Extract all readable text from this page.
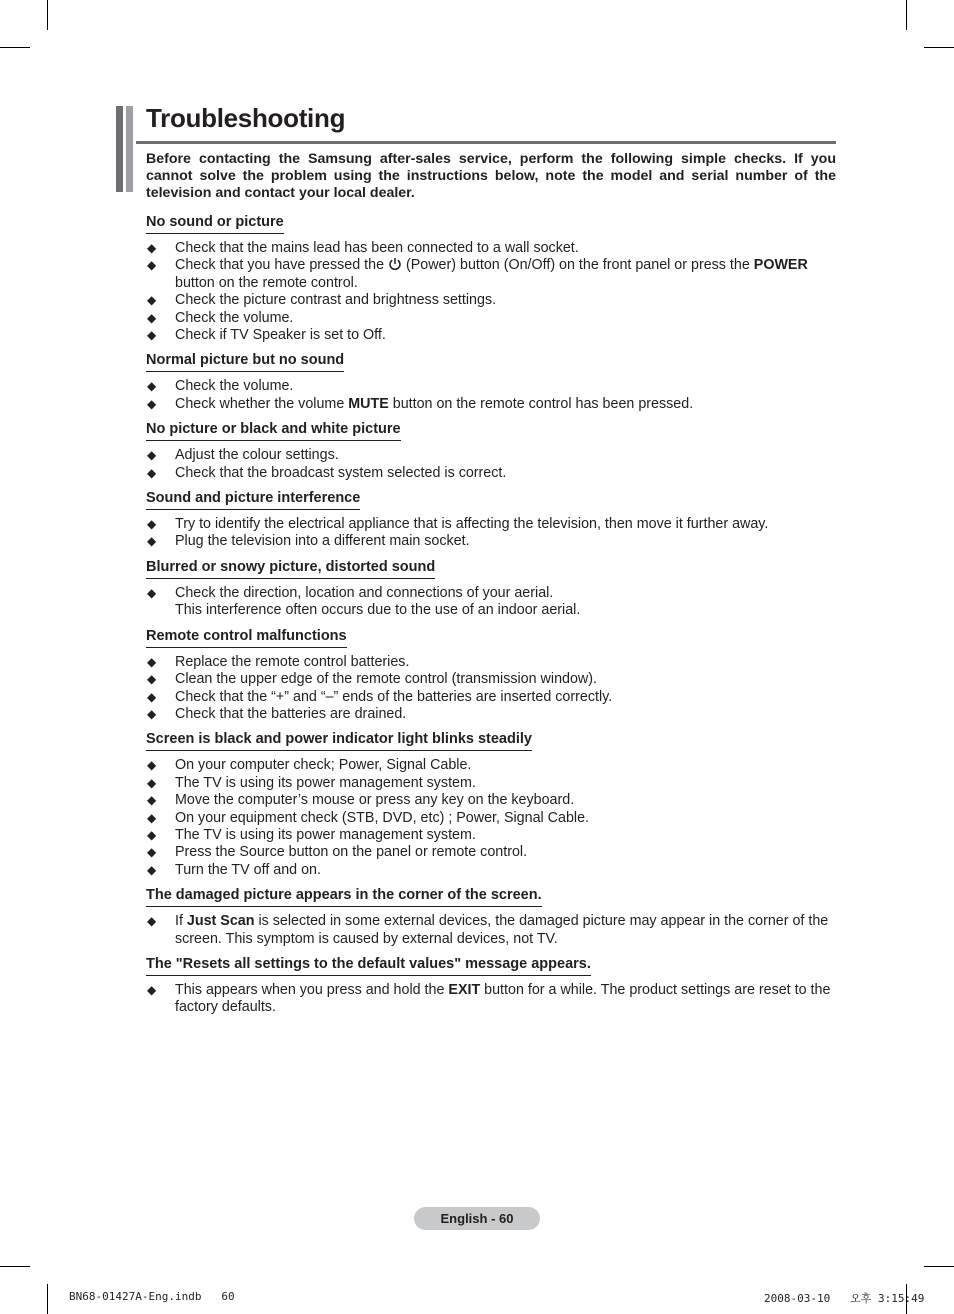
Troubleshooting

Before contacting the Samsung after-sales service, perform the following simple checks. If you cannot solve the problem using the instructions below, note the model and serial number of the television and contact your local dealer.

No sound or picture
◆ Check that the mains lead has been connected to a wall socket.
◆ Check that you have pressed the  (Power) button (On/Off) on the front panel or press the POWER button on the remote control.
◆ Check the picture contrast and brightness settings.
◆ Check the volume.
◆ Check if TV Speaker is set to Off.
Normal picture but no sound
◆ Check the volume.
◆ Check whether the volume MUTE button on the remote control has been pressed.
No picture or black and white picture
◆ Adjust the colour settings.
◆ Check that the broadcast system selected is correct.
Sound and picture interference
◆ Try to identify the electrical appliance that is affecting the television, then move it further away.
◆ Plug the television into a different main socket.
Blurred or snowy picture, distorted sound
◆ Check the direction, location and connections of your aerial.
This interference often occurs due to the use of an indoor aerial.
Remote control malfunctions
◆ Replace the remote control batteries.
◆ Clean the upper edge of the remote control (transmission window).
◆ Check that the “+” and “–” ends of the batteries are inserted correctly.
◆ Check that the batteries are drained.
Screen is black and power indicator light blinks steadily
◆ On your computer check; Power, Signal Cable.
◆ The TV is using its power management system.
◆ Move the computer’s mouse or press any key on the keyboard.
◆ On your equipment check (STB, DVD, etc) ; Power, Signal Cable.
◆ The TV is using its power management system.
◆ Press the Source button on the panel or remote control.
◆ Turn the TV off and on.
The damaged picture appears in the corner of the screen.
◆ If Just Scan is selected in some external devices, the damaged picture may appear in the corner of the screen. This symptom is caused by external devices, not TV.
The "Resets all settings to the default values" message appears.
◆ This appears when you press and hold the EXIT button for a while. The product settings are reset to the factory defaults.
English - 60
BN68-01427A-Eng.indb   60	2008-03-10   오후 3:15:49
